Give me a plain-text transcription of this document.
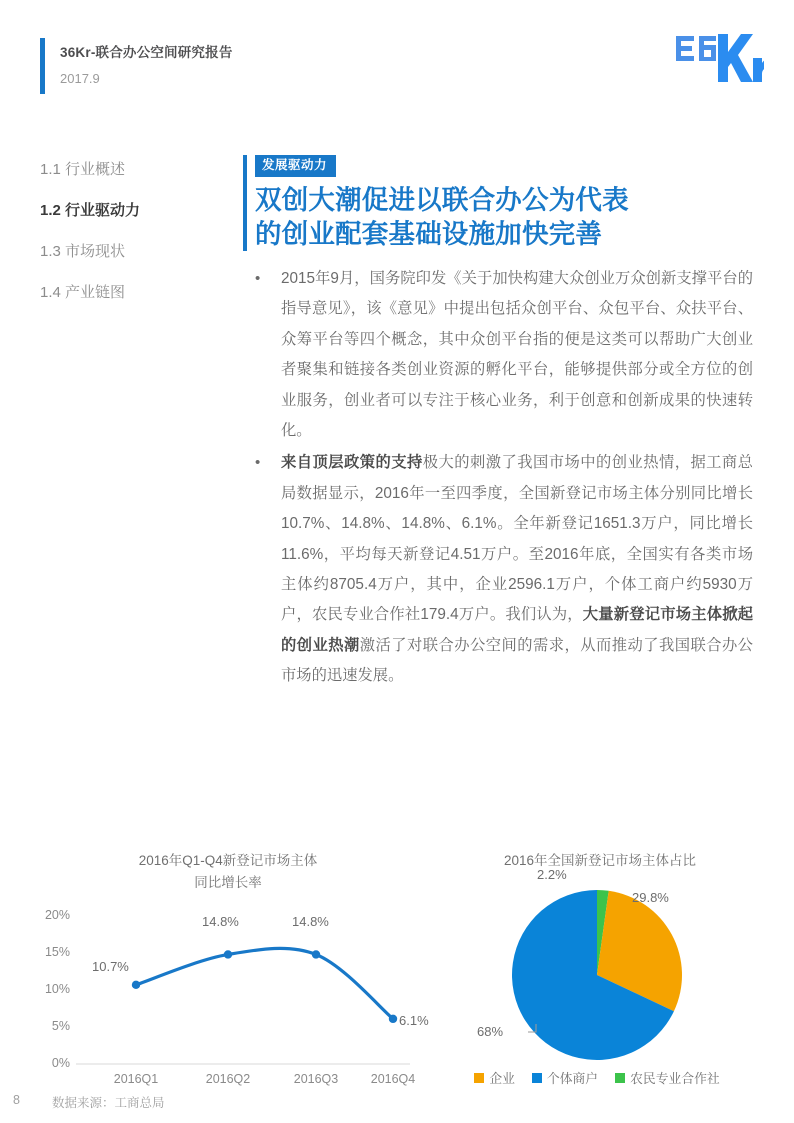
36Kr-联合办公空间研究报告
2017.9
1.1 行业概述
1.2 行业驱动力
1.3 市场现状
1.4 产业链图
发展驱动力
双创大潮促进以联合办公为代表
的创业配套基础设施加快完善
• 2015年9月，国务院印发《关于加快构建大众创业万众创新支撑平台的指导意见》，该《意见》中提出包括众创平台、众包平台、众扶平台、众筹平台等四个概念，其中众创平台指的便是这类可以帮助广大创业者聚集和链接各类创业资源的孵化平台，能够提供部分或全方位的创业服务，创业者可以专注于核心业务，利于创意和创新成果的快速转化。
• 来自顶层政策的支持极大的刺激了我国市场中的创业热情，据工商总局数据显示，2016年一至四季度，全国新登记市场主体分别同比增长10.7%、14.8%、14.8%、6.1%。全年新登记1651.3万户，同比增长11.6%，平均每天新登记4.51万户。至2016年底，全国实有各类市场主体约8705.4万户，其中，企业2596.1万户，个体工商户约5930万户，农民专业合作社179.4万户。我们认为，大量新登记市场主体掀起的创业热潮激活了对联合办公空间的需求，从而推动了我国联合办公市场的迅速发展。
2016年Q1-Q4新登记市场主体
同比增长率
20%
15%
10%
5%
0%
2016Q1	2016Q2	2016Q3	2016Q4
10.7%
14.8%	14.8%
6.1%
2016年全国新登记市场主体占比
29.8%
68%
2.2%
企业	个体商户	农民专业合作社
8	数据来源：工商总局
